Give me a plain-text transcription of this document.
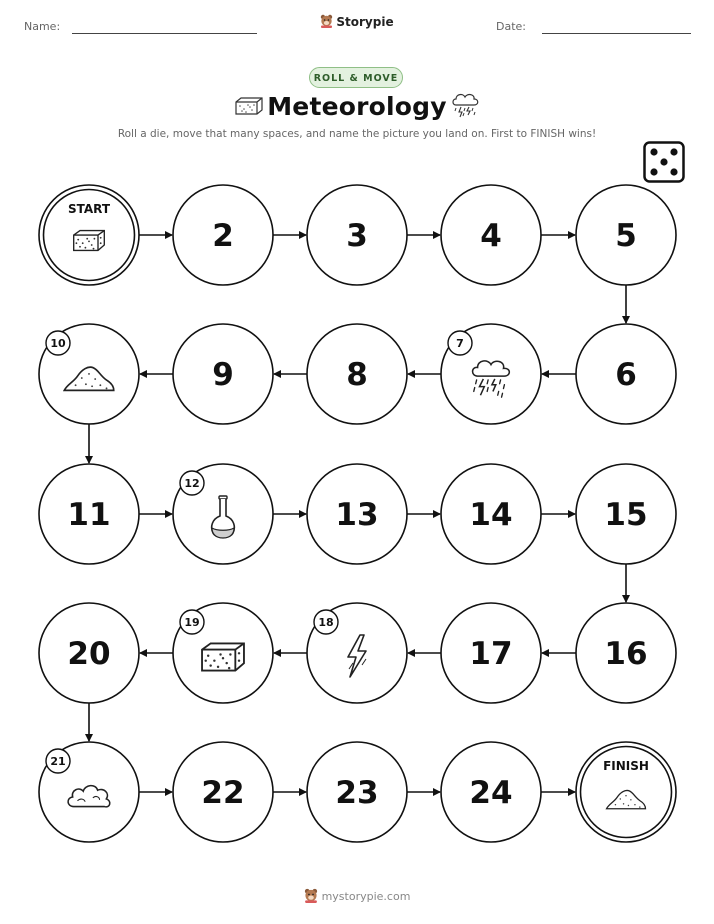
Name:	Storypie	Date:
ROLL & MOVE
Meteorology
Roll a die, move that many spaces, and name the picture you land on. First to FINISH wins!
START
2	3	4	5
6
7
8
9
10
11
12
13	14	15
16
17
18
19
20
21
22	23	24
FINISH
mystorypie.com
